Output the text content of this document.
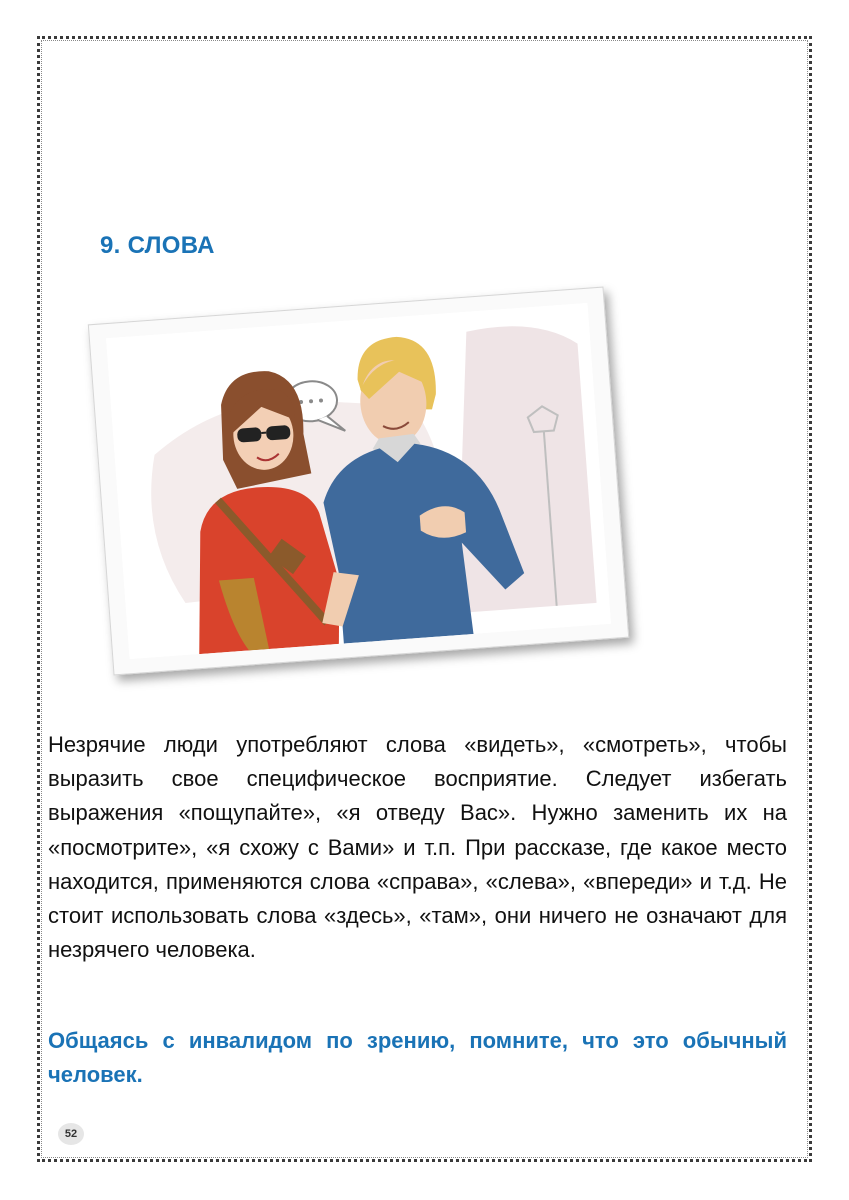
9. СЛОВА

Незрячие люди употребляют слова «видеть», «смотреть», чтобы выразить свое специфическое восприятие. Следует избегать выражения «пощупайте», «я отведу Вас». Нужно заменить их на «посмотрите», «я схожу с Вами» и т.п. При рассказе, где какое место находится, применяются слова «справа», «слева», «впереди» и т.д. Не стоит использовать слова «здесь», «там», они ничего не означают для незрячего человека.

Общаясь с инвалидом по зрению, помните, что это обычный человек.

52
